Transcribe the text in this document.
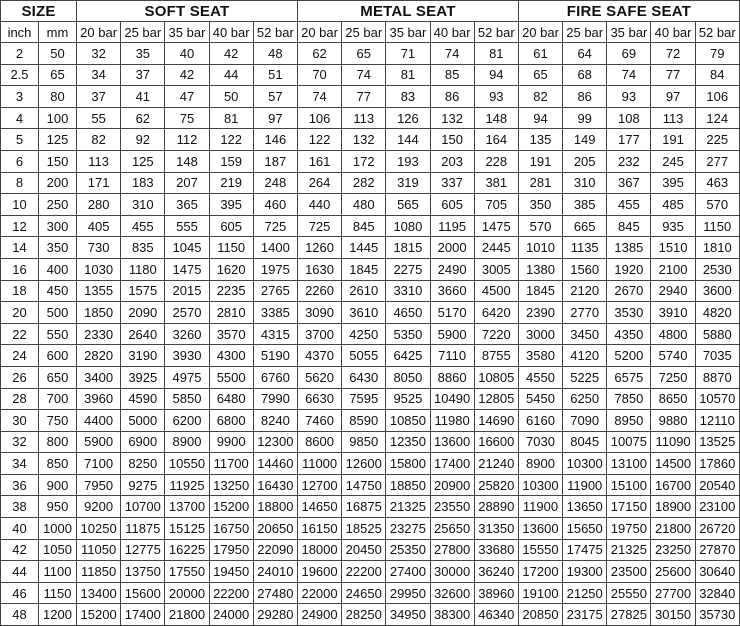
SIZE		SOFT SEAT					METAL SEAT					FIRE SAFE SEAT				
inch	mm	20 bar	25 bar	35 bar	40 bar	52 bar	20 bar	25 bar	35 bar	40 bar	52 bar	20 bar	25 bar	35 bar	40 bar	52 bar
2	50	32	35	40	42	48	62	65	71	74	81	61	64	69	72	79
2.5	65	34	37	42	44	51	70	74	81	85	94	65	68	74	77	84
3	80	37	41	47	50	57	74	77	83	86	93	82	86	93	97	106
4	100	55	62	75	81	97	106	113	126	132	148	94	99	108	113	124
5	125	82	92	112	122	146	122	132	144	150	164	135	149	177	191	225
6	150	113	125	148	159	187	161	172	193	203	228	191	205	232	245	277
8	200	171	183	207	219	248	264	282	319	337	381	281	310	367	395	463
10	250	280	310	365	395	460	440	480	565	605	705	350	385	455	485	570
12	300	405	455	555	605	725	725	845	1080	1195	1475	570	665	845	935	1150
14	350	730	835	1045	1150	1400	1260	1445	1815	2000	2445	1010	1135	1385	1510	1810
16	400	1030	1180	1475	1620	1975	1630	1845	2275	2490	3005	1380	1560	1920	2100	2530
18	450	1355	1575	2015	2235	2765	2260	2610	3310	3660	4500	1845	2120	2670	2940	3600
20	500	1850	2090	2570	2810	3385	3090	3610	4650	5170	6420	2390	2770	3530	3910	4820
22	550	2330	2640	3260	3570	4315	3700	4250	5350	5900	7220	3000	3450	4350	4800	5880
24	600	2820	3190	3930	4300	5190	4370	5055	6425	7110	8755	3580	4120	5200	5740	7035
26	650	3400	3925	4975	5500	6760	5620	6430	8050	8860	10805	4550	5225	6575	7250	8870
28	700	3960	4590	5850	6480	7990	6630	7595	9525	10490	12805	5450	6250	7850	8650	10570
30	750	4400	5000	6200	6800	8240	7460	8590	10850	11980	14690	6160	7090	8950	9880	12110
32	800	5900	6900	8900	9900	12300	8600	9850	12350	13600	16600	7030	8045	10075	11090	13525
34	850	7100	8250	10550	11700	14460	11000	12600	15800	17400	21240	8900	10300	13100	14500	17860
36	900	7950	9275	11925	13250	16430	12700	14750	18850	20900	25820	10300	11900	15100	16700	20540
38	950	9200	10700	13700	15200	18800	14650	16875	21325	23550	28890	11900	13650	17150	18900	23100
40	1000	10250	11875	15125	16750	20650	16150	18525	23275	25650	31350	13600	15650	19750	21800	26720
42	1050	11050	12775	16225	17950	22090	18000	20450	25350	27800	33680	15550	17475	21325	23250	27870
44	1100	11850	13750	17550	19450	24010	19600	22200	27400	30000	36240	17200	19300	23500	25600	30640
46	1150	13400	15600	20000	22200	27480	22000	24650	29950	32600	38960	19100	21250	25550	27700	32840
48	1200	15200	17400	21800	24000	29280	24900	28250	34950	38300	46340	20850	23175	27825	30150	35730
